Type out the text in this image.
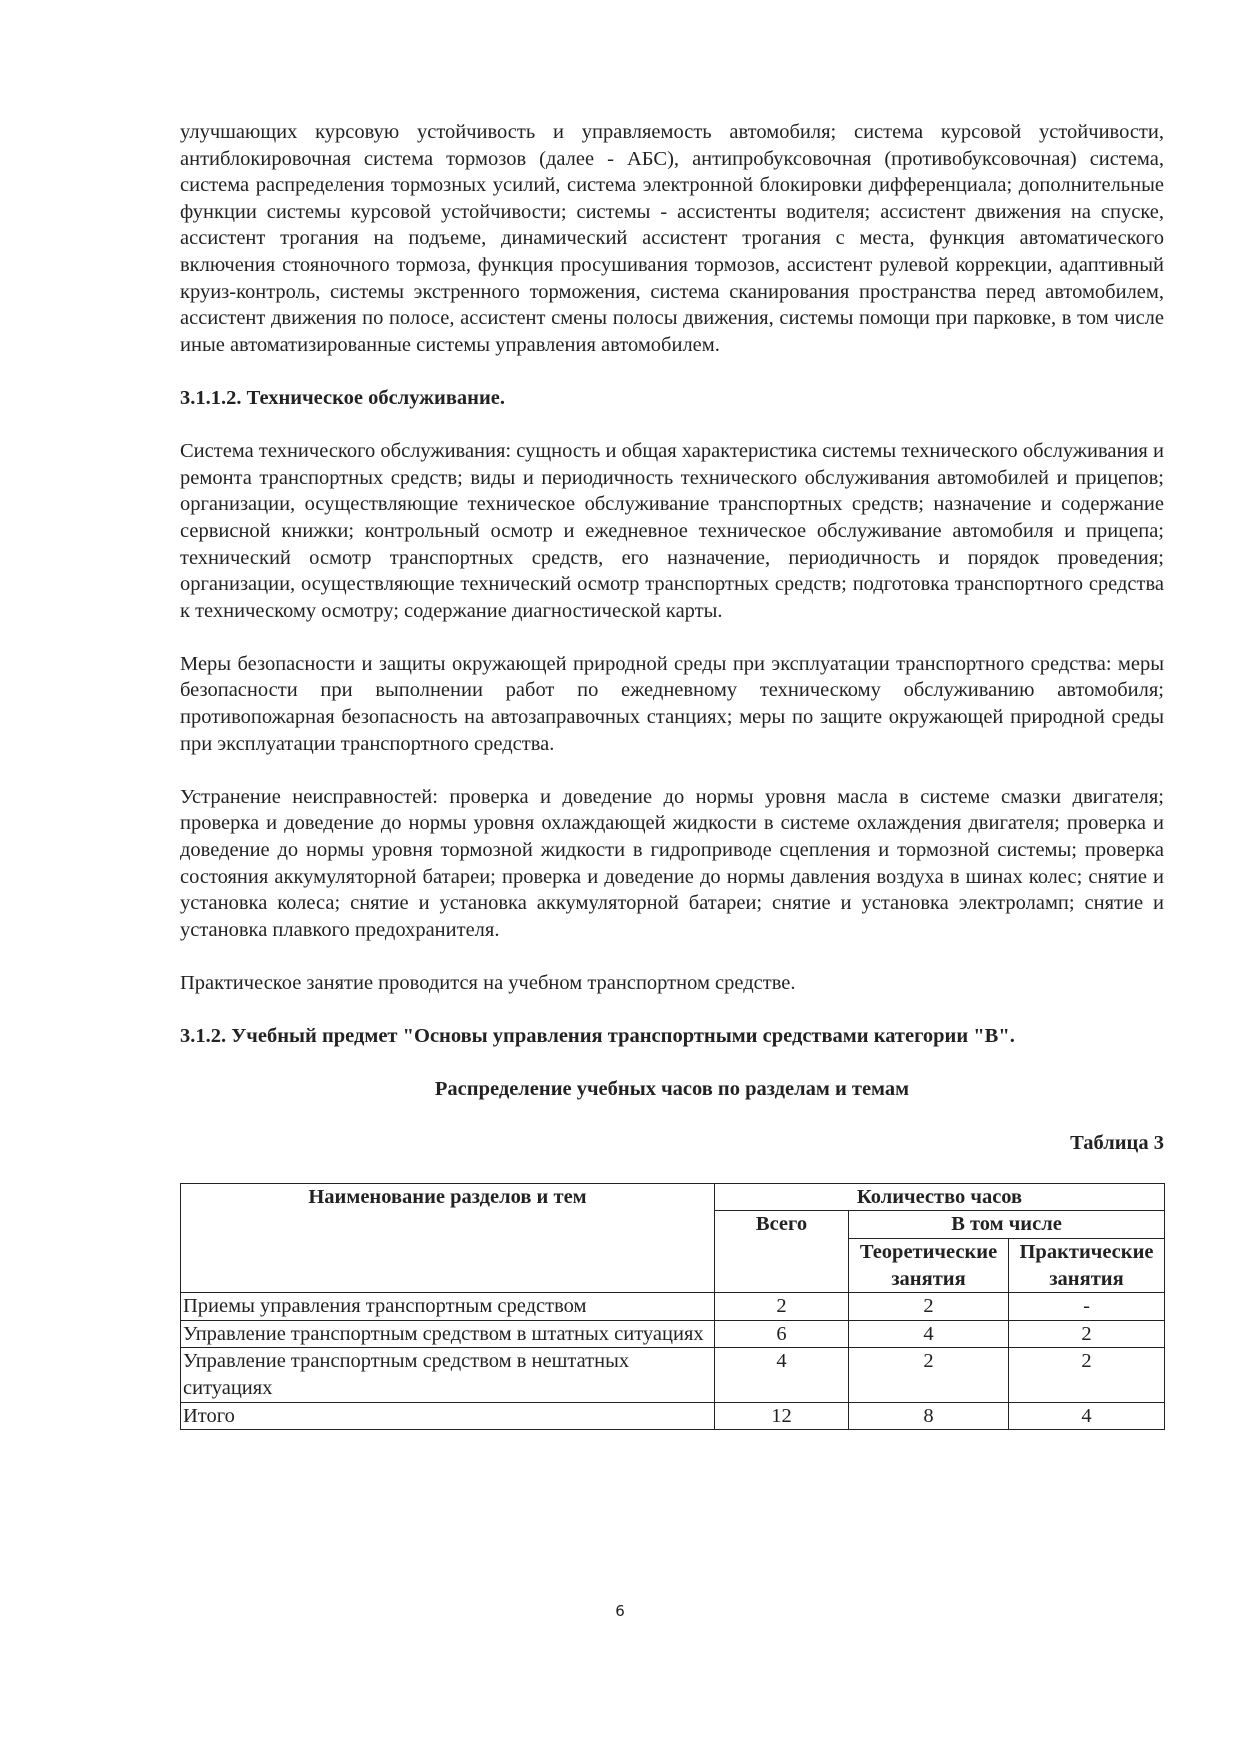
улучшающих курсовую устойчивость и управляемость автомобиля; система курсовой устойчивости, антиблокировочная система тормозов (далее - АБС), антипробуксовочная (противобуксовочная) система, система распределения тормозных усилий, система электронной блокировки дифференциала; дополнительные функции системы курсовой устойчивости; системы - ассистенты водителя; ассистент движения на спуске, ассистент трогания на подъеме, динамический ассистент трогания с места, функция автоматического включения стояночного тормоза, функция просушивания тормозов, ассистент рулевой коррекции, адаптивный круиз-контроль, системы экстренного торможения, система сканирования пространства перед автомобилем, ассистент движения по полосе, ассистент смены полосы движения, системы помощи при парковке, в том числе иные автоматизированные системы управления автомобилем.

3.1.1.2. Техническое обслуживание.

Система технического обслуживания: сущность и общая характеристика системы технического обслуживания и ремонта транспортных средств; виды и периодичность технического обслуживания автомобилей и прицепов; организации, осуществляющие техническое обслуживание транспортных средств; назначение и содержание сервисной книжки; контрольный осмотр и ежедневное техническое обслуживание автомобиля и прицепа; технический осмотр транспортных средств, его назначение, периодичность и порядок проведения; организации, осуществляющие технический осмотр транспортных средств; подготовка транспортного средства к техническому осмотру; содержание диагностической карты.

Меры безопасности и защиты окружающей природной среды при эксплуатации транспортного средства: меры безопасности при выполнении работ по ежедневному техническому обслуживанию автомобиля; противопожарная безопасность на автозаправочных станциях; меры по защите окружающей природной среды при эксплуатации транспортного средства.

Устранение неисправностей: проверка и доведение до нормы уровня масла в системе смазки двигателя; проверка и доведение до нормы уровня охлаждающей жидкости в системе охлаждения двигателя; проверка и доведение до нормы уровня тормозной жидкости в гидроприводе сцепления и тормозной системы; проверка состояния аккумуляторной батареи; проверка и доведение до нормы давления воздуха в шинах колес; снятие и установка колеса; снятие и установка аккумуляторной батареи; снятие и установка электроламп; снятие и установка плавкого предохранителя.

Практическое занятие проводится на учебном транспортном средстве.

3.1.2. Учебный предмет "Основы управления транспортными средствами категории "B".

Распределение учебных часов по разделам и темам

Таблица 3

Наименование разделов и тем	Количество часов		
	Всего	В том числе	
		Теоретические занятия	Практические занятия
Приемы управления транспортным средством	2	2	-
Управление транспортным средством в штатных ситуациях	6	4	2
Управление транспортным средством в нештатных ситуациях	4	2	2
Итого	12	8	4
6
